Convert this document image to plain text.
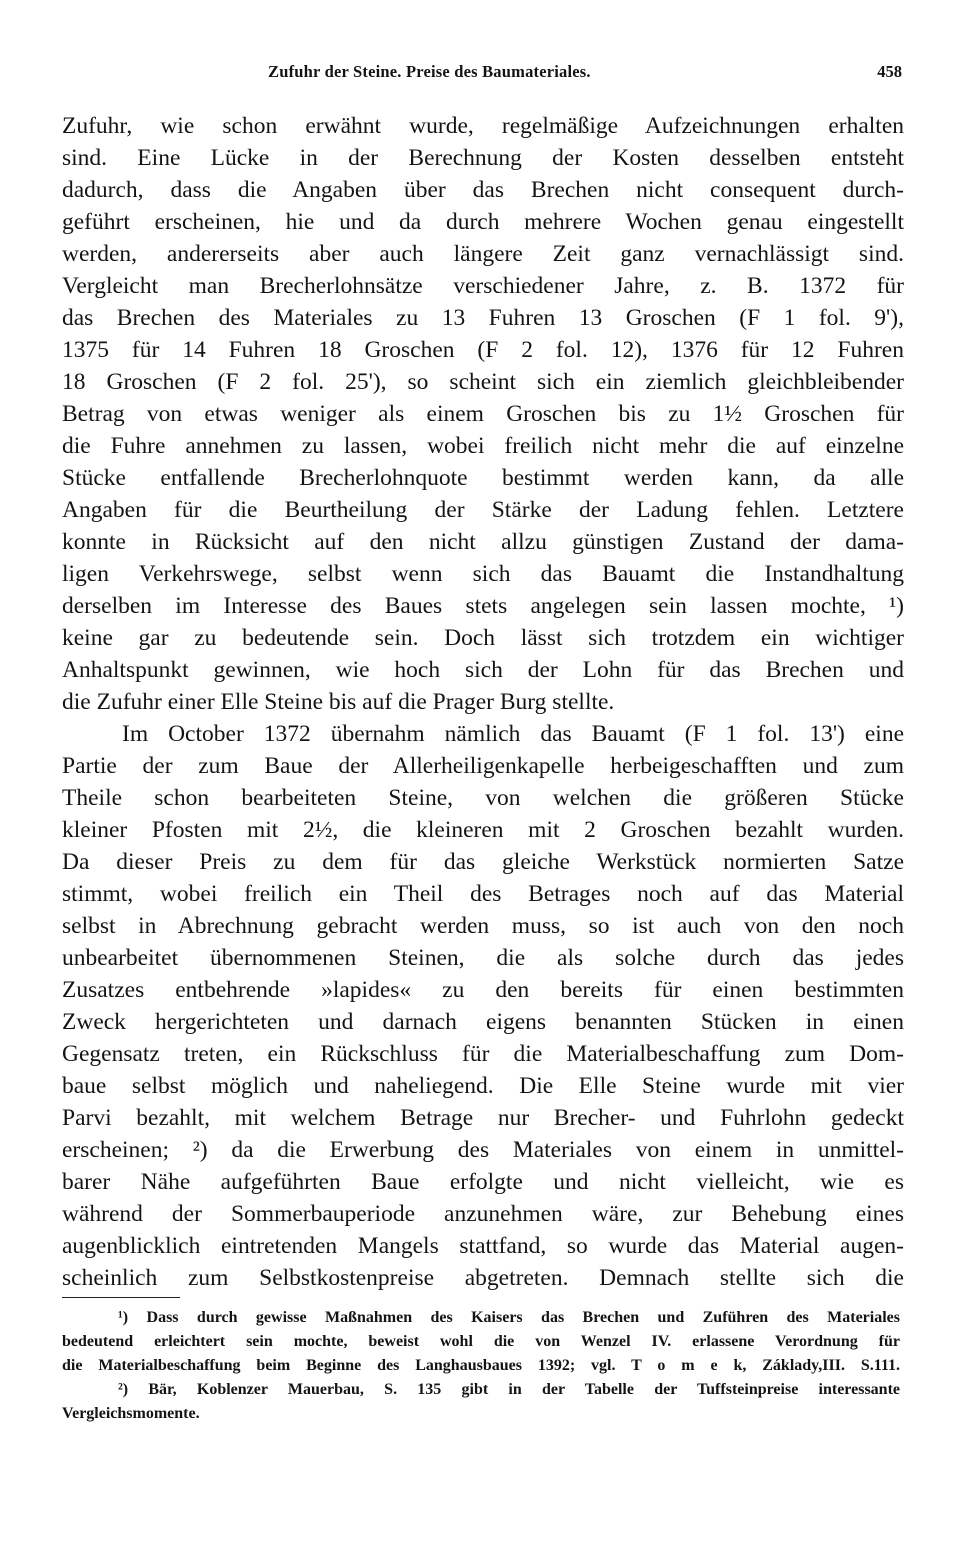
Zufuhr der Steine. Preise des Baumateriales.	458
Zufuhr, wie schon erwähnt wurde, regelmäßige Aufzeichnungen erhalten
sind. Eine Lücke in der Berechnung der Kosten desselben entsteht
dadurch, dass die Angaben über das Brechen nicht consequent durch-
geführt erscheinen, hie und da durch mehrere Wochen genau eingestellt
werden, andererseits aber auch längere Zeit ganz vernachlässigt sind.
Vergleicht man Brecherlohnsätze verschiedener Jahre, z. B. 1372 für
das Brechen des Materiales zu 13 Fuhren 13 Groschen (F 1 fol. 9'),
1375 für 14 Fuhren 18 Groschen (F 2 fol. 12), 1376 für 12 Fuhren
18 Groschen (F 2 fol. 25'), so scheint sich ein ziemlich gleichbleibender
Betrag von etwas weniger als einem Groschen bis zu 1½ Groschen für
die Fuhre annehmen zu lassen, wobei freilich nicht mehr die auf einzelne
Stücke entfallende Brecherlohnquote bestimmt werden kann, da alle
Angaben für die Beurtheilung der Stärke der Ladung fehlen. Letztere
konnte in Rücksicht auf den nicht allzu günstigen Zustand der dama-
ligen Verkehrswege, selbst wenn sich das Bauamt die Instandhaltung
derselben im Interesse des Baues stets angelegen sein lassen mochte, ¹)
keine gar zu bedeutende sein. Doch lässt sich trotzdem ein wichtiger
Anhaltspunkt gewinnen, wie hoch sich der Lohn für das Brechen und
die Zufuhr einer Elle Steine bis auf die Prager Burg stellte.
Im October 1372 übernahm nämlich das Bauamt (F 1 fol. 13') eine
Partie der zum Baue der Allerheiligenkapelle herbeigeschafften und zum
Theile schon bearbeiteten Steine, von welchen die größeren Stücke
kleiner Pfosten mit 2½, die kleineren mit 2 Groschen bezahlt wurden.
Da dieser Preis zu dem für das gleiche Werkstück normierten Satze
stimmt, wobei freilich ein Theil des Betrages noch auf das Material
selbst in Abrechnung gebracht werden muss, so ist auch von den noch
unbearbeitet übernommenen Steinen, die als solche durch das jedes
Zusatzes entbehrende »lapides« zu den bereits für einen bestimmten
Zweck hergerichteten und darnach eigens benannten Stücken in einen
Gegensatz treten, ein Rückschluss für die Materialbeschaffung zum Dom-
baue selbst möglich und naheliegend. Die Elle Steine wurde mit vier
Parvi bezahlt, mit welchem Betrage nur Brecher- und Fuhrlohn gedeckt
erscheinen; ²) da die Erwerbung des Materiales von einem in unmittel-
barer Nähe aufgeführten Baue erfolgte und nicht vielleicht, wie es
während der Sommerbauperiode anzunehmen wäre, zur Behebung eines
augenblicklich eintretenden Mangels stattfand, so wurde das Material augen-
scheinlich zum Selbstkostenpreise abgetreten. Demnach stellte sich die
¹) Dass durch gewisse Maßnahmen des Kaisers das Brechen und Zuführen des Materiales
bedeutend erleichtert sein mochte, beweist wohl die von Wenzel IV. erlassene Verordnung für
die Materialbeschaffung beim Beginne des Langhausbaues 1392; vgl. T o m e k, Základy,III. S.111.
²) Bär, Koblenzer Mauerbau, S. 135 gibt in der Tabelle der Tuffsteinpreise interessante
Vergleichsmomente.
